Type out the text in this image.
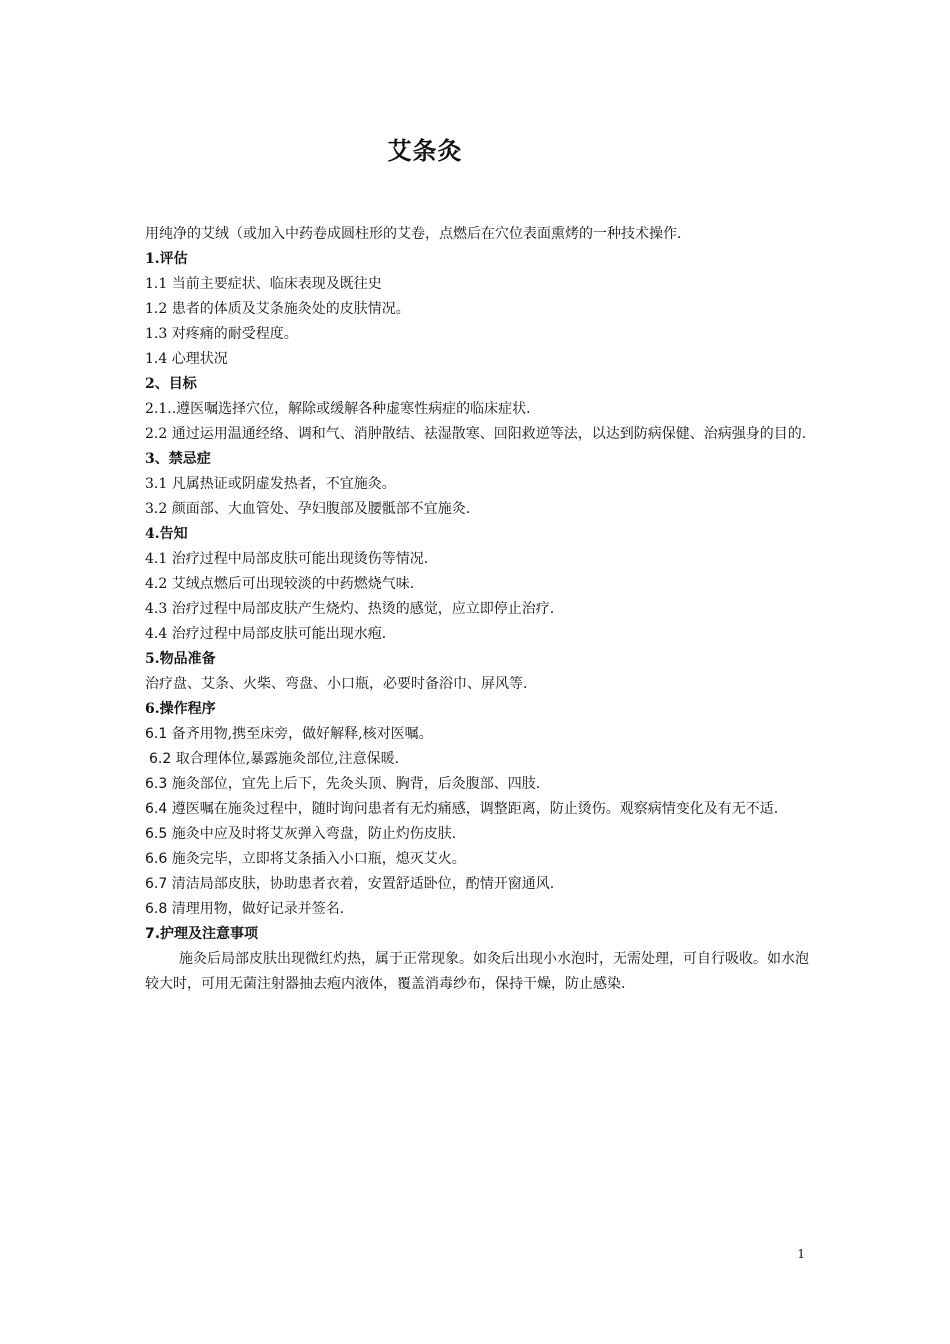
艾条灸
用纯净的艾绒（或加入中药卷成圆柱形的艾卷，点燃后在穴位表面熏烤的一种技术操作.
1.评估
1.1 当前主要症状、临床表现及既往史
1.2 患者的体质及艾条施灸处的皮肤情况。
1.3 对疼痛的耐受程度。
1.4 心理状况
2、目标
2.1..遵医嘱选择穴位，解除或缓解各种虚寒性病症的临床症状.
2.2 通过运用温通经络、调和气、消肿散结、祛湿散寒、回阳救逆等法，以达到防病保健、治病强身的目的.
3、禁忌症
3.1 凡属热证或阴虚发热者，不宜施灸。
3.2 颜面部、大血管处、孕妇腹部及腰骶部不宜施灸.
4.告知
4.1 治疗过程中局部皮肤可能出现烫伤等情况.
4.2 艾绒点燃后可出现较淡的中药燃烧气味.
4.3 治疗过程中局部皮肤产生烧灼、热烫的感觉，应立即停止治疗.
4.4 治疗过程中局部皮肤可能出现水疱.
5.物品准备
治疗盘、艾条、火柴、弯盘、小口瓶，必要时备浴巾、屏风等.
6.操作程序
6.1 备齐用物,携至床旁，做好解释,核对医嘱。
6.2 取合理体位,暴露施灸部位,注意保暖.
6.3 施灸部位，宜先上后下，先灸头顶、胸背，后灸腹部、四肢.
6.4 遵医嘱在施灸过程中，随时询问患者有无灼痛感，调整距离，防止烫伤。观察病情变化及有无不适.
6.5 施灸中应及时将艾灰弹入弯盘，防止灼伤皮肤.
6.6 施灸完毕，立即将艾条插入小口瓶，熄灭艾火。
6.7 清洁局部皮肤，协助患者衣着，安置舒适卧位，酌情开窗通风.
6.8 清理用物，做好记录并签名.
7.护理及注意事项
施灸后局部皮肤出现微红灼热，属于正常现象。如灸后出现小水泡时，无需处理，可自行吸收。如水泡较大时，可用无菌注射器抽去疱内液体，覆盖消毒纱布，保持干燥，防止感染.
1
